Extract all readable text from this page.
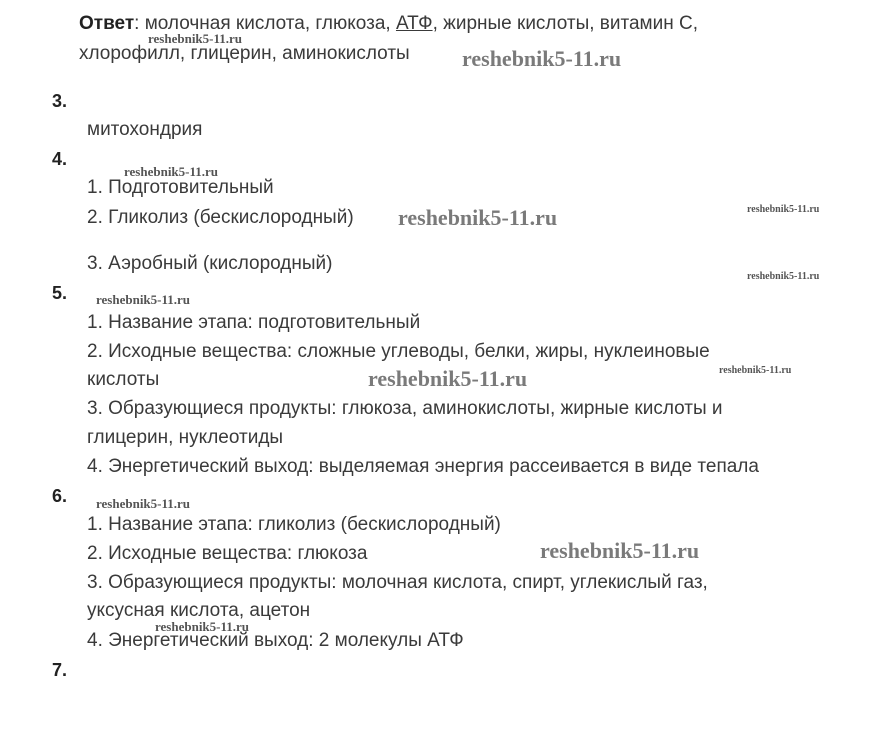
Ответ: молочная кислота, глюкоза, АТФ, жирные кислоты, витамин С,
хлорофилл, глицерин, аминокислоты
3.
митохондрия
4.
1. Подготовительный
2. Гликолиз (бескислородный)
3. Аэробный (кислородный)
5.
1. Название этапа: подготовительный
2. Исходные вещества: сложные углеводы, белки, жиры, нуклеиновые
кислоты
3. Образующиеся продукты: глюкоза, аминокислоты, жирные кислоты и
глицерин, нуклеотиды
4. Энергетический выход: выделяемая энергия рассеивается в виде тепала
6.
1. Название этапа: гликолиз (бескислородный)
2. Исходные вещества: глюкоза
3. Образующиеся продукты: молочная кислота, спирт, углекислый газ,
уксусная кислота, ацетон
4. Энергетический выход: 2 молекулы АТФ
7.
reshebnik5-11.ru
reshebnik5-11.ru
reshebnik5-11.ru
reshebnik5-11.ru	reshebnik5-11.ru
reshebnik5-11.ru
reshebnik5-11.ru
reshebnik5-11.ru	reshebnik5-11.ru
reshebnik5-11.ru
reshebnik5-11.ru
reshebnik5-11.ru
